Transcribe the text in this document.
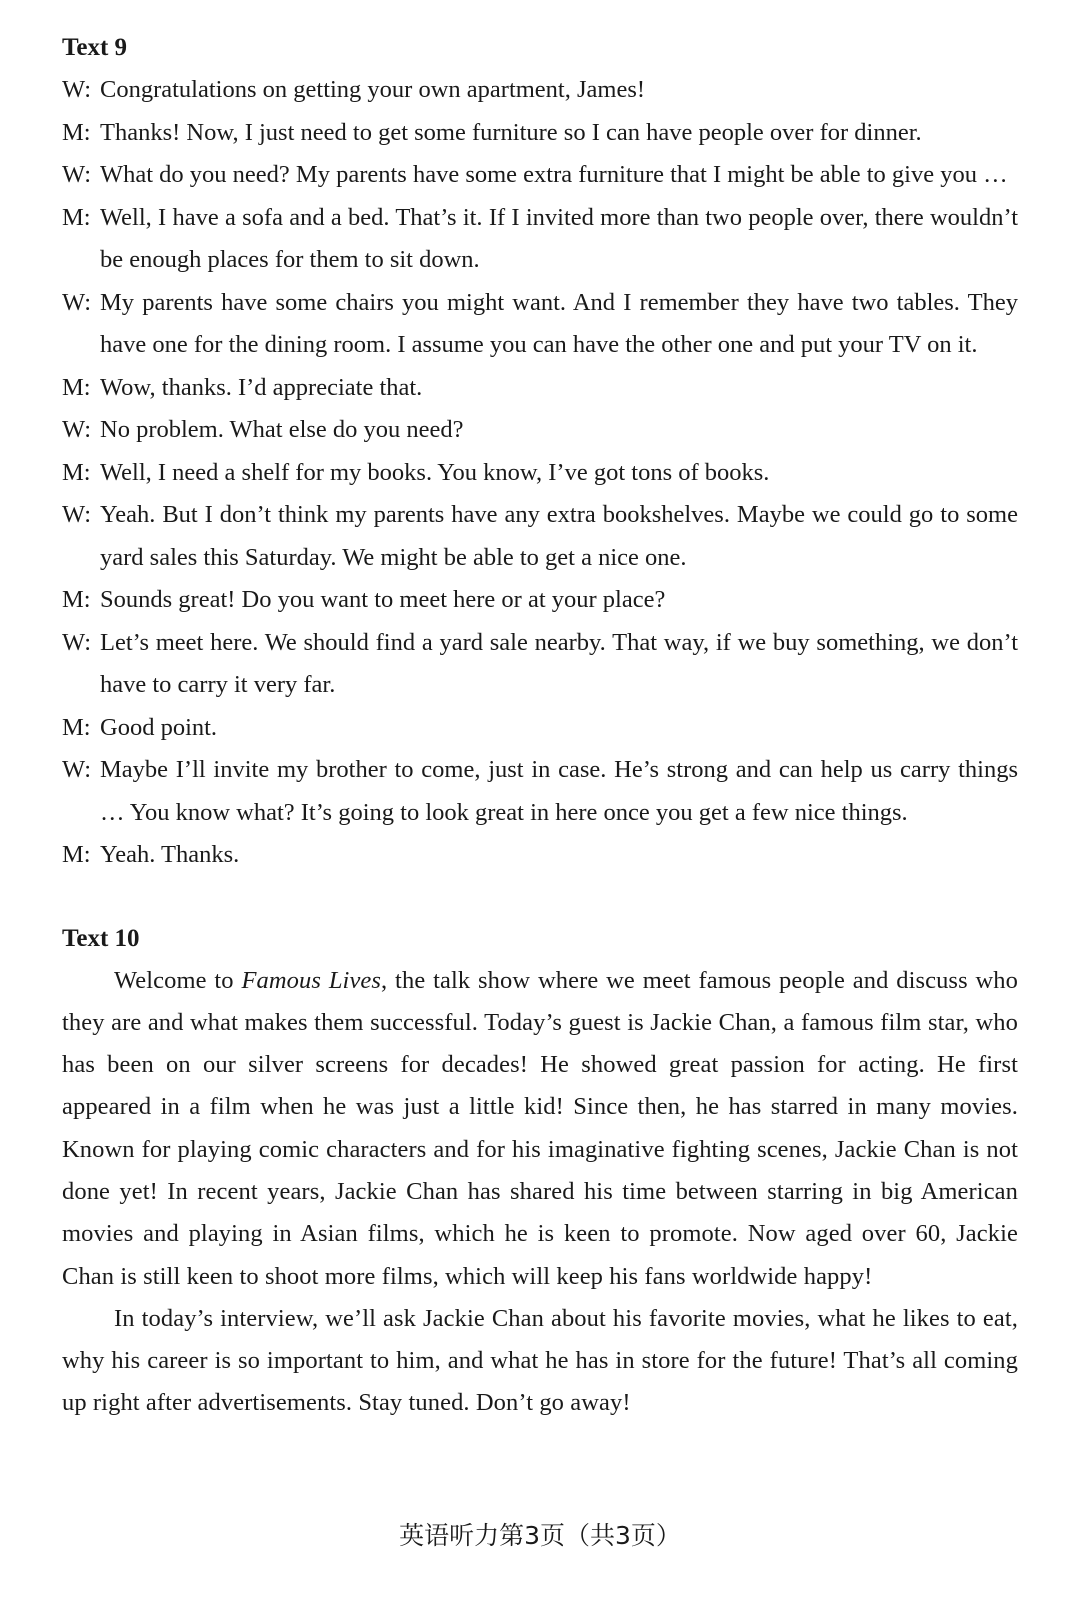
Text 9
W: Congratulations on getting your own apartment, James!
M: Thanks! Now, I just need to get some furniture so I can have people over for dinner.
W: What do you need? My parents have some extra furniture that I might be able to give you …
M: Well, I have a sofa and a bed. That’s it. If I invited more than two people over, there wouldn’t be enough places for them to sit down.
W: My parents have some chairs you might want. And I remember they have two tables. They have one for the dining room. I assume you can have the other one and put your TV on it.
M: Wow, thanks. I’d appreciate that.
W: No problem. What else do you need?
M: Well, I need a shelf for my books. You know, I’ve got tons of books.
W: Yeah. But I don’t think my parents have any extra bookshelves. Maybe we could go to some yard sales this Saturday. We might be able to get a nice one.
M: Sounds great! Do you want to meet here or at your place?
W: Let’s meet here. We should find a yard sale nearby. That way, if we buy something, we don’t have to carry it very far.
M: Good point.
W: Maybe I’ll invite my brother to come, just in case. He’s strong and can help us carry things … You know what? It’s going to look great in here once you get a few nice things.
M: Yeah. Thanks.
Text 10

Welcome to Famous Lives, the talk show where we meet famous people and discuss who they are and what makes them successful. Today’s guest is Jackie Chan, a famous film star, who has been on our silver screens for decades! He showed great passion for acting. He first appeared in a film when he was just a little kid! Since then, he has starred in many movies. Known for playing comic characters and for his imaginative fighting scenes, Jackie Chan is not done yet! In recent years, Jackie Chan has shared his time between starring in big American movies and playing in Asian films, which he is keen to promote. Now aged over 60, Jackie Chan is still keen to shoot more films, which will keep his fans worldwide happy!

In today’s interview, we’ll ask Jackie Chan about his favorite movies, what he likes to eat, why his career is so important to him, and what he has in store for the future! That’s all coming up right after advertisements. Stay tuned. Don’t go away!

英语听力第3页（共3页）
